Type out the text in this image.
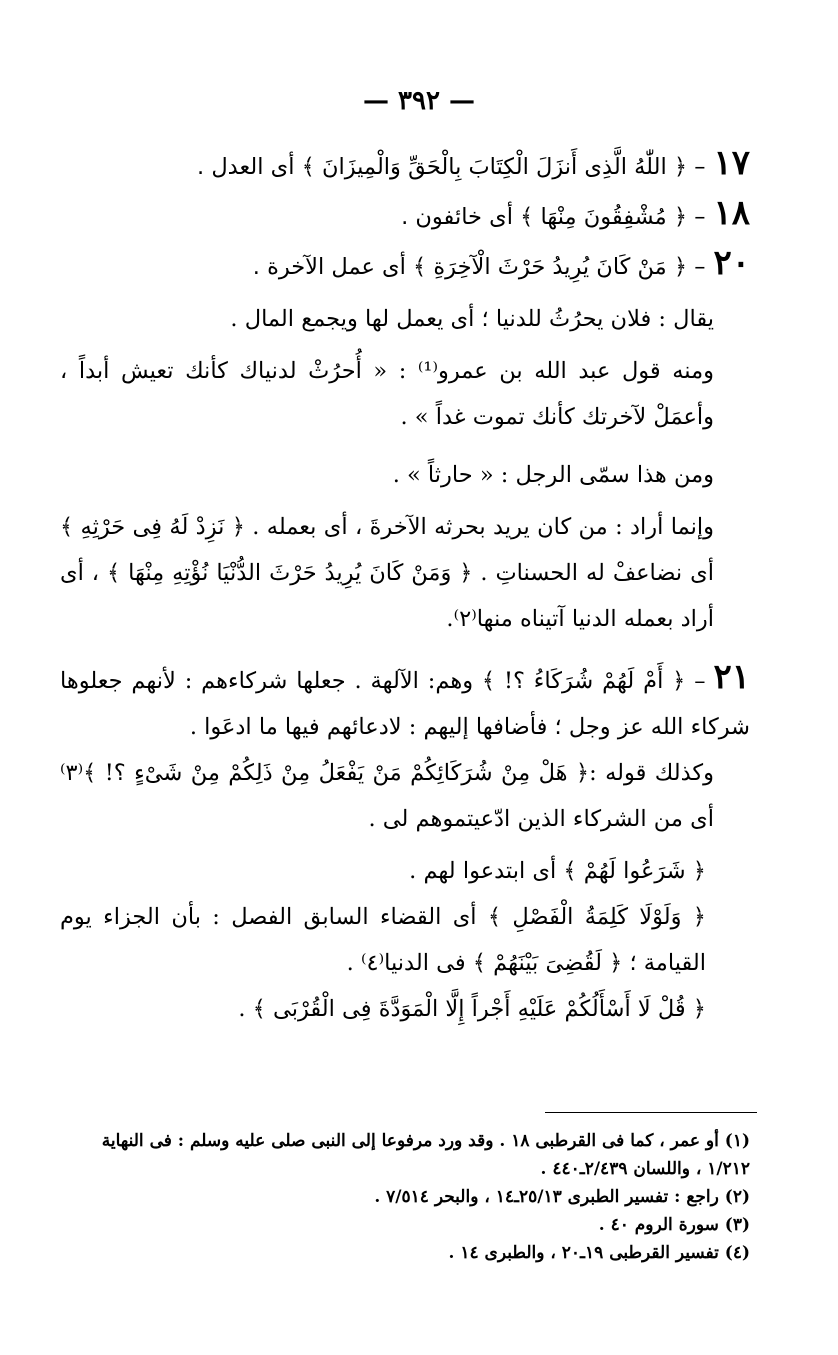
— ٣٩٢ —
١٧– ﴿ اللّٰهُ الَّذِى أَنزَلَ الْكِتَابَ بِالْحَقِّ وَالْمِيزَانَ ﴾ أى العدل .
١٨– ﴿ مُشْفِقُونَ مِنْهَا ﴾ أى خائفون .
٢٠– ﴿ مَنْ كَانَ يُرِيدُ حَرْثَ الْآخِرَةِ ﴾ أى عمل الآخرة .
يقال : فلان يحرُثُ للدنيا ؛ أى يعمل لها ويجمع المال .
ومنه قول عبد الله بن عمرو⁽¹⁾ : « أُحرُثْ لدنياك كأنك تعيش أبداً ، وأعمَلْ لآخرتك كأنك تموت غداً » .
ومن هذا سمّى الرجل : « حارثاً » .
وإنما أراد : من كان يريد بحرثه الآخرةَ ، أى بعمله . ﴿ نَزِدْ لَهُ فِى حَرْثِهِ ﴾ أى نضاعفْ له الحسناتِ . ﴿ وَمَنْ كَانَ يُرِيدُ حَرْثَ الدُّنْيَا نُؤْتِهِ مِنْهَا ﴾ ، أى أراد بعمله الدنيا آتيناه منها⁽٢⁾.
٢١– ﴿ أَمْ لَهُمْ شُرَكَاءُ ؟! ﴾ وهم: الآلهة . جعلها شركاءهم : لأنهم جعلوها شركاء الله عز وجل ؛ فأضافها إليهم : لادعائهم فيها ما ادعَوا .
وكذلك قوله :﴿ هَلْ مِنْ شُرَكَائِكُمْ مَنْ يَفْعَلُ مِنْ ذَلِكُمْ مِنْ شَىْءٍ ؟! ﴾⁽٣⁾ أى من الشركاء الذين ادّعيتموهم لى .
﴿ شَرَعُوا لَهُمْ ﴾ أى ابتدعوا لهم .
﴿ وَلَوْلَا كَلِمَةُ الْفَصْلِ ﴾ أى القضاء السابق الفصل : بأن الجزاء يوم القيامة ؛ ﴿ لَقُضِىَ بَيْنَهُمْ ﴾ فى الدنيا⁽٤⁾ .
﴿ قُلْ لَا أَسْأَلُكُمْ عَلَيْهِ أَجْراً إِلَّا الْمَوَدَّةَ فِى الْقُرْبَى ﴾ .
(١) أو عمر ، كما فى القرطبى ١٨ . وقد ورد مرفوعا إلى النبى صلى عليه وسلم : فى النهاية
١/٢١٢ ، واللسان ٢/٤٣٩ـ٤٤٠ .
(٢) راجع : تفسير الطبرى ٢٥/١٣ـ١٤ ، والبحر ٧/٥١٤ .
(٣) سورة الروم ٤٠ .
(٤) تفسير القرطبى ١٩ـ٢٠ ، والطبرى ١٤ .
